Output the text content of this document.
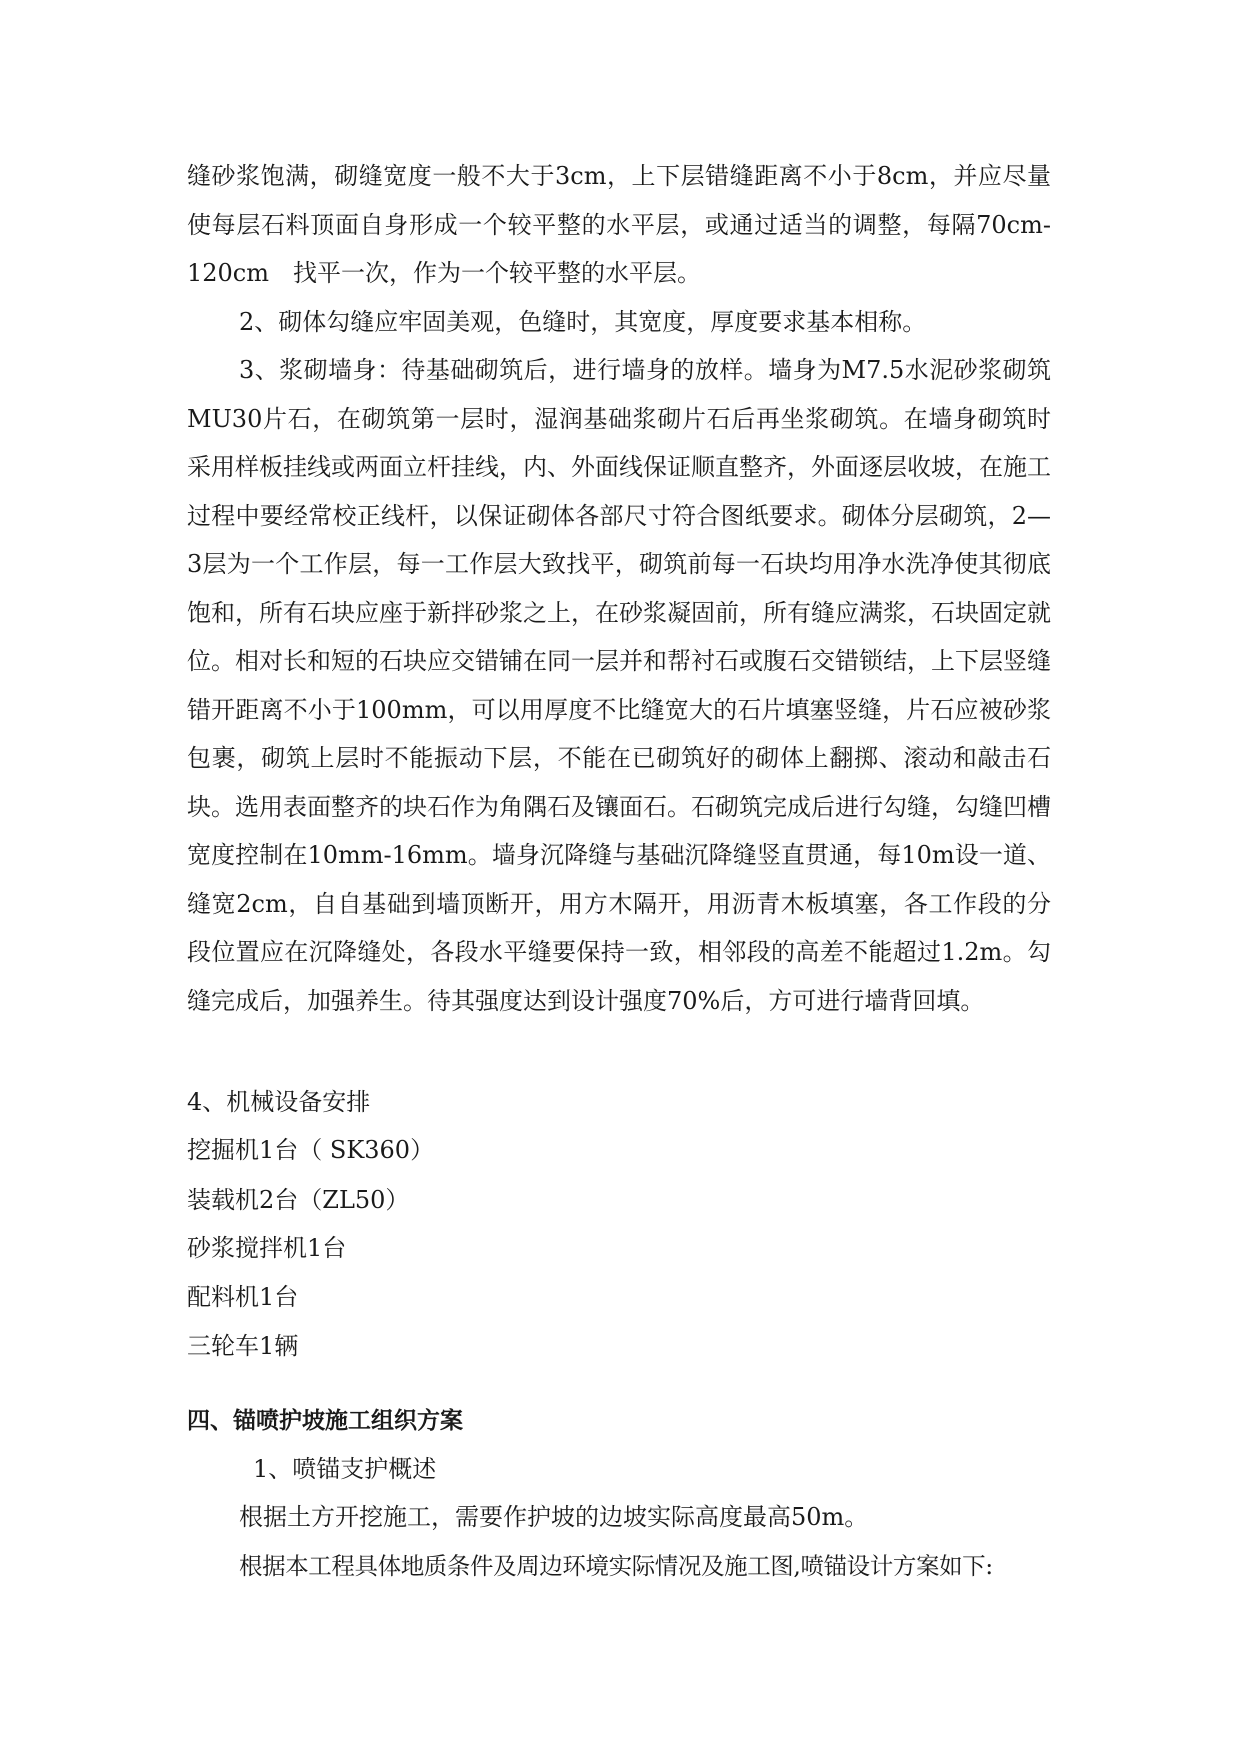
缝砂浆饱满，砌缝宽度一般不大于3cm，上下层错缝距离不小于8cm，并应尽量使每层石料顶面自身形成一个较平整的水平层，或通过适当的调整，每隔70cm-120cm　找平一次，作为一个较平整的水平层。

2、砌体勾缝应牢固美观，色缝时，其宽度，厚度要求基本相称。

3、浆砌墙身：待基础砌筑后，进行墙身的放样。墙身为M7.5水泥砂浆砌筑MU30片石，在砌筑第一层时，湿润基础浆砌片石后再坐浆砌筑。在墙身砌筑时采用样板挂线或两面立杆挂线，内、外面线保证顺直整齐，外面逐层收坡，在施工过程中要经常校正线杆，以保证砌体各部尺寸符合图纸要求。砌体分层砌筑，2—3层为一个工作层，每一工作层大致找平，砌筑前每一石块均用净水洗净使其彻底饱和，所有石块应座于新拌砂浆之上，在砂浆凝固前，所有缝应满浆，石块固定就位。相对长和短的石块应交错铺在同一层并和帮衬石或腹石交错锁结，上下层竖缝错开距离不小于100mm，可以用厚度不比缝宽大的石片填塞竖缝，片石应被砂浆包裹，砌筑上层时不能振动下层，不能在已砌筑好的砌体上翻掷、滚动和敲击石块。选用表面整齐的块石作为角隅石及镶面石。石砌筑完成后进行勾缝，勾缝凹槽宽度控制在10mm-16mm。墙身沉降缝与基础沉降缝竖直贯通，每10m设一道、缝宽2cm，自自基础到墙顶断开，用方木隔开，用沥青木板填塞，各工作段的分段位置应在沉降缝处，各段水平缝要保持一致，相邻段的高差不能超过1.2m。勾缝完成后，加强养生。待其强度达到设计强度70%后，方可进行墙背回填。

4、机械设备安排

挖掘机1台（ SK360）

装载机2台（ZL50）

砂浆搅拌机1台

配料机1台

三轮车1辆

四、锚喷护坡施工组织方案

1、喷锚支护概述

根据土方开挖施工，需要作护坡的边坡实际高度最高50m。

根据本工程具体地质条件及周边环境实际情况及施工图,喷锚设计方案如下:
